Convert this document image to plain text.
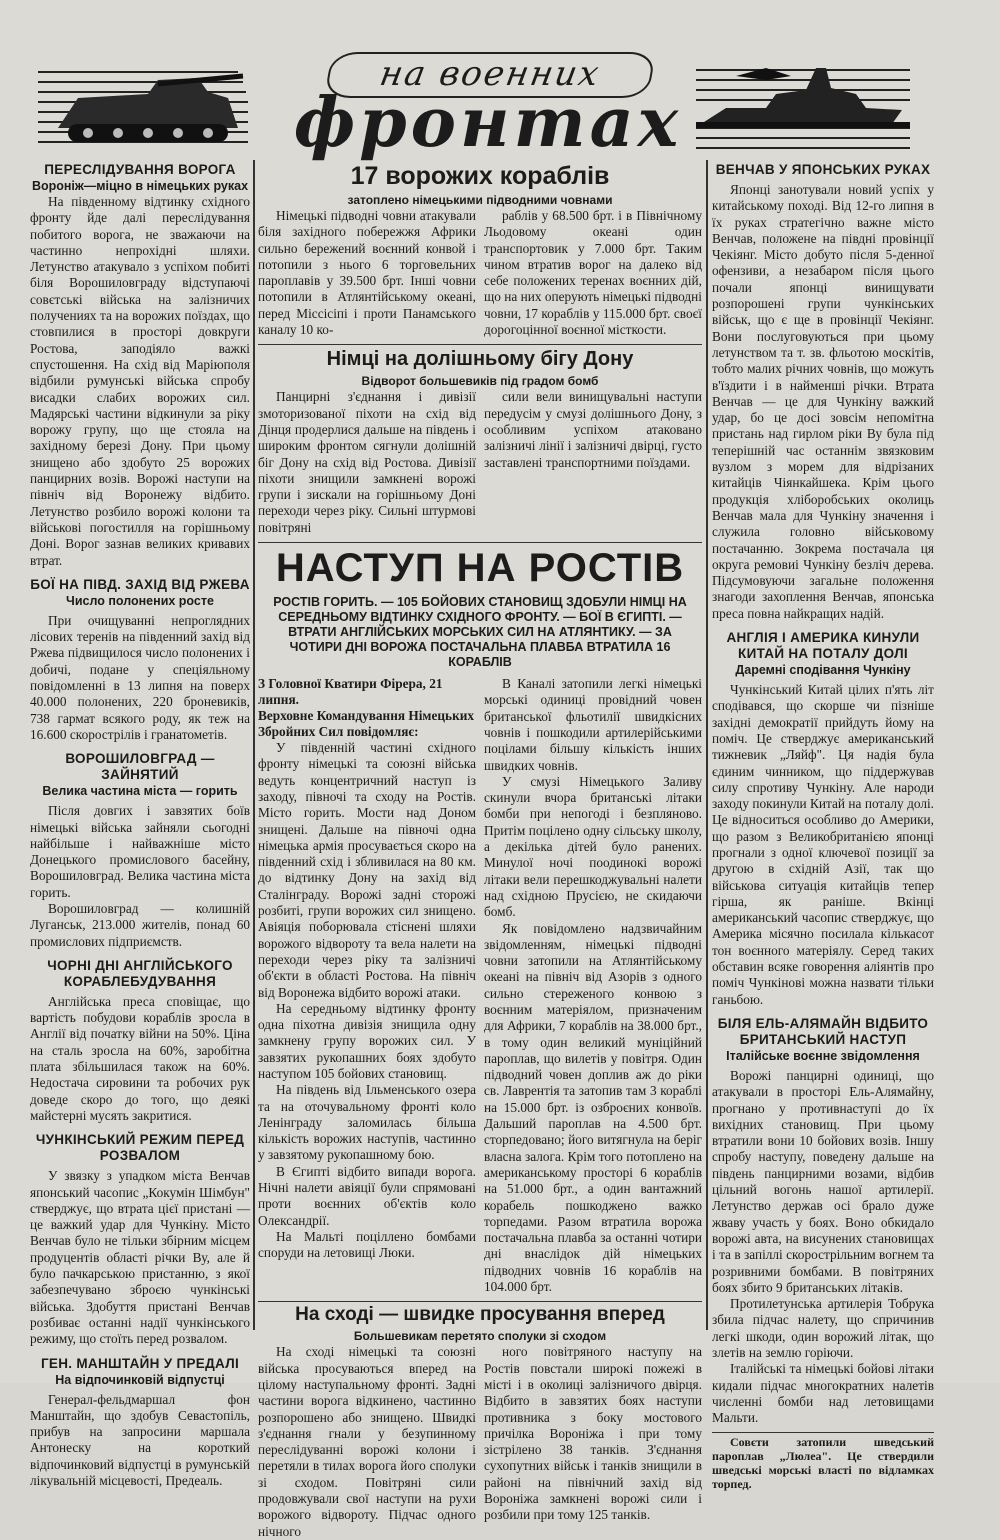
на военних
фронтах
ПЕРЕСЛІДУВАННЯ ВОРОГА
Вороніж—міцно в німецьких руках

На південному відтинку східного фронту йде далі переслідування побитого ворога, не зважаючи на частинно непрохідні шляхи. Летунство атакувало з успіхом побиті біля Ворошиловграду відступаючі совєтські війська на залізничих получениях та на ворожих поїздах, що стовпилися в просторі довкруги Ростова, заподіяло важкі спустошення. На схід від Маріюполя відбили румунські війська спробу висадки слабих ворожих сил. Мадярські частини відкинули за ріку ворожу групу, що ще стояла на західному березі Дону. При цьому знищено або здобуто 25 ворожих панцирних возів. Ворожі наступи на північ від Воронежу відбито. Летунство розбило ворожі колони та військові погостилля на горішньому Доні. Ворог зазнав великих кривавих втрат.

БОЇ НА ПІВД. ЗАХІД ВІД РЖЕВА
Число полонених росте

При очищуванні непроглядних лісових теренів на південний захід від Ржева підвищилося число полонених і добичі, подане у спеціяльному повідомленні в 13 липня на поверх 40.000 полонених, 220 броневиків, 738 гармат всякого роду, як теж на 16.600 скорострілів і гранатометів.

ВОРОШИЛОВГРАД — ЗАЙНЯТИЙ
Велика частина міста — горить

Після довгих і завзятих боїв німецькі війська зайняли сьогодні найбільше і найважніше місто Донецького промислового басейну, Ворошиловград. Велика частина міста горить.

Ворошиловград — колишній Луганськ, 213.000 жителів, понад 60 промислових підприємств.

ЧОРНІ ДНІ АНГЛІЙСЬКОГО КОРАБЛЕБУДУВАННЯ

Англійська преса сповіщає, що вартість побудови кораблів зросла в Англії від початку війни на 50%. Ціна на сталь зросла на 60%, заробітна плата збільшилася також на 60%. Недостача сировини та робочих рук доведе скоро до того, що деякі майстерні мусять закритися.

ЧУНКІНСЬКИЙ РЕЖИМ ПЕРЕД РОЗВАЛОМ

У звязку з упадком міста Венчав японський часопис „Кокумін Шімбун" стверджує, що втрата цієї пристані — це важкий удар для Чункіну. Місто Венчав було не тільки збірним місцем продуцентів області річки Ву, але й було пачкарською пристанню, з якої забезпечувано зброєю чункінські війська. Здобуття пристані Венчав розбиває останні надії чункінського режиму, що стоїть перед розвалом.

ГЕН. МАНШТАЙН У ПРЕДАЛІ
На відпочинковій відпустці

Генерал-фельдмаршал фон Манштайн, що здобув Севастопіль, прибув на запросини маршала Антонеску на короткий відпочинковий відпустці в румунській лікувальній місцевості, Предеаль.

17 ворожих кораблів
затоплено німецькими підводними човнами

Німецькі підводні човни атакували біля західного побережжя Африки сильно бережений воєнний конвой і потопили з нього 6 торговельних пароплавів у 39.500 брт. Інші човни потопили в Атлянтійському океані, перед Міссісіпі і проти Панамського каналу 10 ко-

раблів у 68.500 брт. і в Північному Льодовому океані один транспортовик у 7.000 брт. Таким чином втратив ворог на далеко від себе положених теренах воєнних дій, що на них оперують німецькі підводні човни, 17 кораблів у 115.000 брт. своєї дорогоцінної воєнної місткости.

Німці на долішньому бігу Дону
Відворот большевиків під градом бомб

Панцирні з'єднання і дивізії змоторизованої піхоти на схід від Дінця продерлися дальше на південь і широким фронтом сягнули долішній біг Дону на схід від Ростова. Дивізії піхоти знищили замкнені ворожі групи і зискали на горішньому Доні переходи через ріку. Сильні штурмові повітряні

сили вели винищувальні наступи передусім у смузі долішнього Дону, з особливим успіхом атакованo залізничі лінії і залізничі двірці, густо заставлені транспортними поїздами.

НАСТУП НА РОСТІВ
РОСТІВ ГОРИТЬ. — 105 БОЙОВИХ СТАНОВИЩ ЗДОБУЛИ НІМЦІ НА СЕРЕДНЬОМУ ВІДТИНКУ СХІДНОГО ФРОНТУ. — БОЇ В ЄГИПТІ. — ВТРАТИ АНГЛІЙСЬКИХ МОРСЬКИХ СИЛ НА АТЛЯНТИКУ. — ЗА ЧОТИРИ ДНІ ВОРОЖА ПОСТАЧАЛЬНА ПЛАВБА ВТРАТИЛА 16 КОРАБЛІВ
З Головної Кватири Фірера, 21 липня.
Верховне Командування Німецьких Збройних Сил повідомляє:

У південній частині східного фронту німецькі та союзні війська ведуть концентричний наступ із заходу, півночі та сходу на Ростів. Місто горить. Мости над Доном знищені. Дальше на півночі одна німецька армія просувається скоро на південний схід і збливилася на 80 км. до відтинку Дону на захід від Сталінграду. Ворожі задні сторожі розбиті, групи ворожих сил знищено. Авіяція поборювала стіснені шляхи ворожого відвороту та вела налети на переходи через ріку та залізничі об'єкти в області Ростова. На північ від Воронежа відбито ворожі атаки.

На середньому відтинку фронту одна піхотна дивізія знищила одну замкнену групу ворожих сил. У завзятих рукопашних боях здобуто наступом 105 бойових становищ.

На південь від Ільменського озера та на оточувальному фронті коло Ленінграду заломилась більша кількість ворожих наступів, частинно у завзятому рукопашному бою.

В Єгипті відбито випади ворога. Нічні налети авіяції були спрямовані проти воєнних об'єктів коло Олександрії.

На Мальті поціллено бомбами споруди на летовищі Люки.

В Каналі затопили легкі німецькі морські одиниці провідний човен британської фльотилії швидкісних човнів і пошкодили артилерійськими поцілами більшу кількість інших швидких човнів.

У смузі Німецького Заливу скинули вчора британські літаки бомби при непогоді і безпляново. Притім поцілено одну сільську школу, а декілька дітей було ранених. Минулої ночі поодинокі ворожі літаки вели перешкоджувальні налети над східною Прусією, не скидаючи бомб.

Як повідомлено надзвичайним звідомленням, німецькі підводні човни затопили на Атлянтійському океані на північ від Азорів з одного сильно стереженого конвою з воєнним матеріялом, призначеним для Африки, 7 кораблів на 38.000 брт., в тому один великий муніційний пароплав, що вилетів у повітря. Один підводний човен доплив аж до ріки св. Лаврентія та затопив там 3 кораблі на 15.000 брт. із озброєних конвоїв. Дальший пароплав на 4.500 брт. сторпедовано; його витягнула на беріг власна залога. Крім того потоплено на американському просторі 6 кораблів на 51.000 брт., а один вантажний корабель пошкоджено важко торпедами. Разом втратила ворожа постачальна плавба за останні чотири дні внаслідок дій німецьких підводних човнів 16 кораблів на 104.000 брт.

На сході — швидке просування вперед
Большевикам перетято сполуки зі сходом

На сході німецькі та союзні війська просуваються вперед на цілому наступальному фронті. Задні частини ворога відкинено, частинно розпорошено або знищено. Швидкі з'єднання гнали у безупинному переслідуванні ворожі колони і перетяли в тилах ворога його сполуки зі сходом. Повітряні сили продовжували свої наступи на рухи ворожого відвороту. Підчас одного нічного

ного повітряного наступу на Ростів повстали широкі пожежі в місті і в околиці залізничого двірця. Відбито в завзятих боях наступи противника з боку мостового причілка Вороніжа і при тому зістрілено 38 танків. З'єднання сухопутних військ і танків знищили в районі на північний захід від Вороніжа замкнені ворожі сили і розбили при тому 125 танків.

ВЕНЧАВ У ЯПОНСЬКИХ РУКАХ

Японці занотували новий успіх у китайському поході. Від 12-го липня в їх руках стратегічно важне місто Венчав, положене на півдні провінції Чекіянг. Місто добуто після 5-денної офензиви, а незабаром після цього почали японці винищувати розпорошені групи чункінських військ, що є ще в провінції Чекіянг. Вони послуговуються при цьому летунством та т. зв. фльотою москітів, тобто малих річних човнів, що можуть в'їздити і в найменші річки. Втрата Венчав — це для Чункіну важкий удар, бо це досі зовсім непомітна пристань над гирлом ріки Ву була під теперішній час останнім звязковим вузлом з морем для відрізаних китайців Чіянкайшека. Крім цього продукція хліборобських околиць Венчав мала для Чункіну значення і служила головно військовому постачанню. Зокрема постачала ця округа ремовиі Чункіну безліч дерева. Підсумовуючи загальне положення знагоди захоплення Венчав, японська преса повна найкращих надій.

АНГЛІЯ І АМЕРИКА КИНУЛИ КИТАЙ НА ПОТАЛУ ДОЛІ
Даремні сподівання Чункіну

Чункінський Китай цілих п'ять літ сподівався, що скорше чи пізніше західні демократії прийдуть йому на поміч. Це стверджує американський тижневик „Ляйф". Ця надія була єдиним чинником, що піддержував силу спротиву Чункіну. Але народи заходу покинули Китай на поталу долі. Це відноситься особливо до Америки, що разом з Великобританією японці прогнали з одної ключевої позиції за другою в східній Азії, так що військова ситуація китайців тепер гірша, як раніше. Вкінці американський часопис стверджує, що Америка місячно посилала кількасот тон воєнного матеріялу. Серед таких обставин всяке говорення аліянтів про поміч Чункінові можна назвати тільки ганьбою.

БІЛЯ ЕЛЬ-АЛЯМАЙН ВІДБИТО БРИТАНСЬКИЙ НАСТУП
Італійське воєнне звідомлення

Ворожі панцирні одиниці, що атакували в просторі Ель-Алямайну, прогнано у противнаступі до їх вихідних становищ. При цьому втратили вони 10 бойових возів. Іншу спробу наступу, поведену дальше на південь панцирними возами, відбив цільний вогонь нашої артилерії. Летунство держав осі брало дуже жваву участь у боях. Воно обкидало ворожі авта, на висунених становищах і та в запіллі скорострільним вогнем та розривними бомбами. В повітряних боях збито 9 британських літаків.

Протилетунська артилерія Тобрука збила підчас налету, що спричинив легкі шкоди, один ворожий літак, що злетів на землю горіючи.

Італійські та німецькі бойові літаки кидали підчас многократних налетів численні бомби над летовищами Мальти.

Совєти затопили шведський пароплав „Люлеа". Це ствердили шведські морські власті по відламках торпед.
